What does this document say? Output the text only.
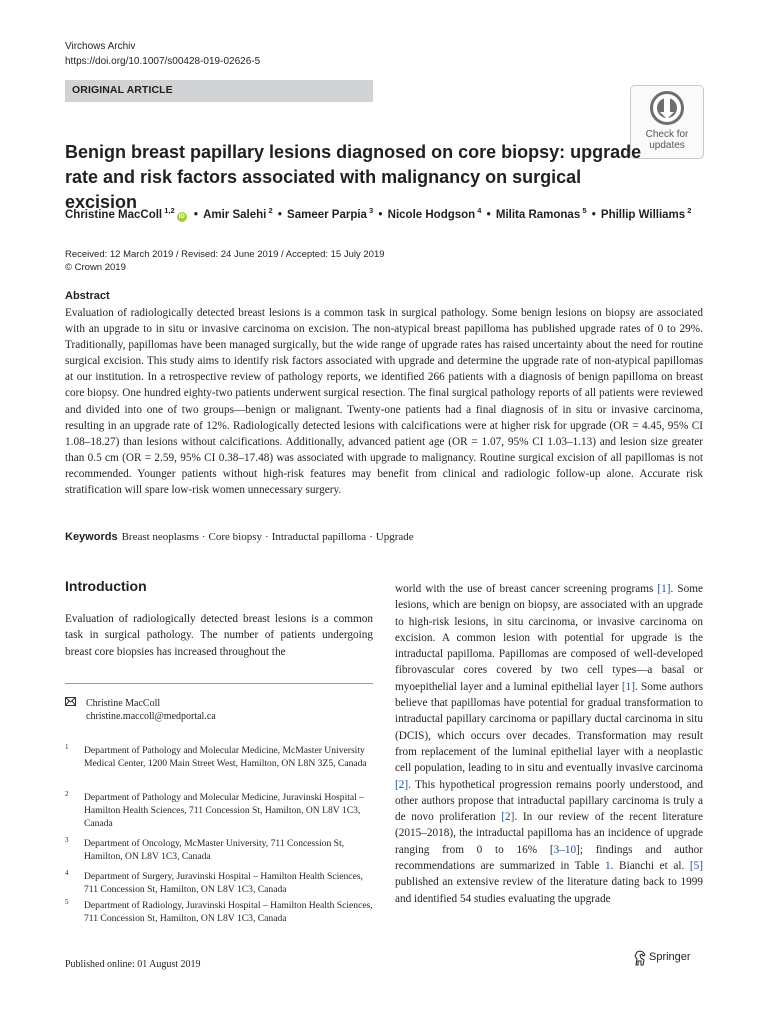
Virchows Archiv
https://doi.org/10.1007/s00428-019-02626-5
ORIGINAL ARTICLE
Check for
updates
Benign breast papillary lesions diagnosed on core biopsy: upgrade rate and risk factors associated with malignancy on surgical excision
Christine MacColl $^{1,2}$iD • Amir Salehi $^2$ • Sameer Parpia $^3$ • Nicole Hodgson $^4$ • Milita Ramonas $^5$ • Phillip Williams $^2$
Received: 12 March 2019 / Revised: 24 June 2019 / Accepted: 15 July 2019
© Crown 2019
Abstract
Evaluation of radiologically detected breast lesions is a common task in surgical pathology. Some benign lesions on biopsy are associated with an upgrade to in situ or invasive carcinoma on excision. The non-atypical breast papilloma has published upgrade rates of 0 to 29%. Traditionally, papillomas have been managed surgically, but the wide range of upgrade rates has raised uncertainty about the need for routine surgical excision. This study aims to identify risk factors associated with upgrade and determine the upgrade rate of non-atypical papillomas at our institution. In a retrospective review of pathology reports, we identified 266 patients with a diagnosis of benign papilloma on breast core biopsy. One hundred eighty-two patients underwent surgical resection. The final surgical pathology reports of all patients were reviewed and divided into one of two groups—benign or malignant. Twenty-one patients had a final diagnosis of in situ or invasive carcinoma, resulting in an upgrade rate of 12%. Radiologically detected lesions with calcifications were at higher risk for upgrade (OR = 4.45, 95% CI 1.08–18.27) than lesions without calcifications. Additionally, advanced patient age (OR = 1.07, 95% CI 1.03–1.13) and lesion size greater than 0.5 cm (OR = 2.59, 95% CI 0.38–17.48) was associated with upgrade to malignancy. Routine surgical excision of all papillomas is not recommended. Younger patients without high-risk features may benefit from clinical and radiologic follow-up alone. Accurate risk stratification will spare low-risk women unnecessary surgery.
Keywords Breast neoplasms · Core biopsy · Intraductal papilloma · Upgrade
Introduction
Evaluation of radiologically detected breast lesions is a common task in surgical pathology. The number of patients undergoing breast core biopsies has increased throughout the
world with the use of breast cancer screening programs [1]. Some lesions, which are benign on biopsy, are associated with an upgrade to high-risk lesions, in situ carcinoma, or invasive carcinoma on excision. A common lesion with potential for upgrade is the intraductal papilloma. Papillomas are composed of well-developed fibrovascular cores covered by two cell types—a basal or myoepithelial layer and a luminal epithelial layer [1]. Some authors believe that papillomas have potential for gradual transformation to intraductal papillary carcinoma or papillary ductal carcinoma in situ (DCIS), which occurs over decades. Transformation may result from replacement of the luminal epithelial layer with a neoplastic cell population, leading to in situ and eventually invasive carcinoma [2]. This hypothetical progression remains poorly understood, and other authors propose that intraductal papillary carcinoma is truly a de novo proliferation [2]. In our review of the recent literature (2015–2018), the intraductal papilloma has an incidence of upgrade ranging from 0 to 16% [3–10]; findings and author recommendations are summarized in Table 1. Bianchi et al. [5] published an extensive review of the literature dating back to 1999 and identified 54 studies evaluating the upgrade
Christine MacColl
christine.maccoll@medportal.ca
1 Department of Pathology and Molecular Medicine, McMaster University Medical Center, 1200 Main Street West, Hamilton, ON L8N 3Z5, Canada
2 Department of Pathology and Molecular Medicine, Juravinski Hospital – Hamilton Health Sciences, 711 Concession St, Hamilton, ON L8V 1C3, Canada
3 Department of Oncology, McMaster University, 711 Concession St, Hamilton, ON L8V 1C3, Canada
4 Department of Surgery, Juravinski Hospital – Hamilton Health Sciences, 711 Concession St, Hamilton, ON L8V 1C3, Canada
5 Department of Radiology, Juravinski Hospital – Hamilton Health Sciences, 711 Concession St, Hamilton, ON L8V 1C3, Canada
Published online: 01 August 2019
Springer
